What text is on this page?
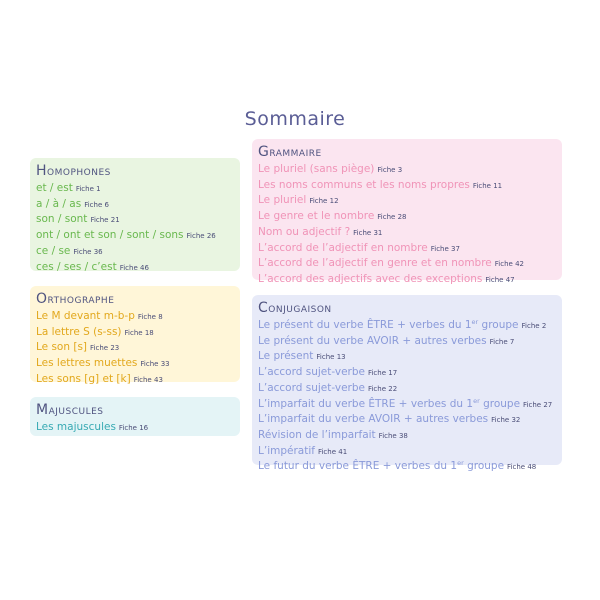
Sommaire
Homophones
et / est Fiche 1
a / à / as Fiche 6
son / sont Fiche 21
ont / ont et son / sont / sons Fiche 26
ce / se Fiche 36
ces / ses / c’est Fiche 46
Orthographe
Le M devant m-b-p Fiche 8
La lettre S (s-ss) Fiche 18
Le son [s] Fiche 23
Les lettres muettes Fiche 33
Les sons [g] et [k] Fiche 43
Majuscules
Les majuscules Fiche 16
Grammaire
Le pluriel (sans piège) Fiche 3
Les noms communs et les noms propres Fiche 11
Le pluriel Fiche 12
Le genre et le nombre Fiche 28
Nom ou adjectif ? Fiche 31
L’accord de l’adjectif en nombre Fiche 37
L’accord de l’adjectif en genre et en nombre Fiche 42
L’accord des adjectifs avec des exceptions Fiche 47
Conjugaison
Le présent du verbe ÊTRE + verbes du 1er groupe Fiche 2
Le présent du verbe AVOIR + autres verbes Fiche 7
Le présent Fiche 13
L’accord sujet-verbe Fiche 17
L’accord sujet-verbe Fiche 22
L’imparfait du verbe ÊTRE + verbes du 1er groupe Fiche 27
L’imparfait du verbe AVOIR + autres verbes Fiche 32
Révision de l’imparfait Fiche 38
L’impératif Fiche 41
Le futur du verbe ÊTRE + verbes du 1er groupe Fiche 48
